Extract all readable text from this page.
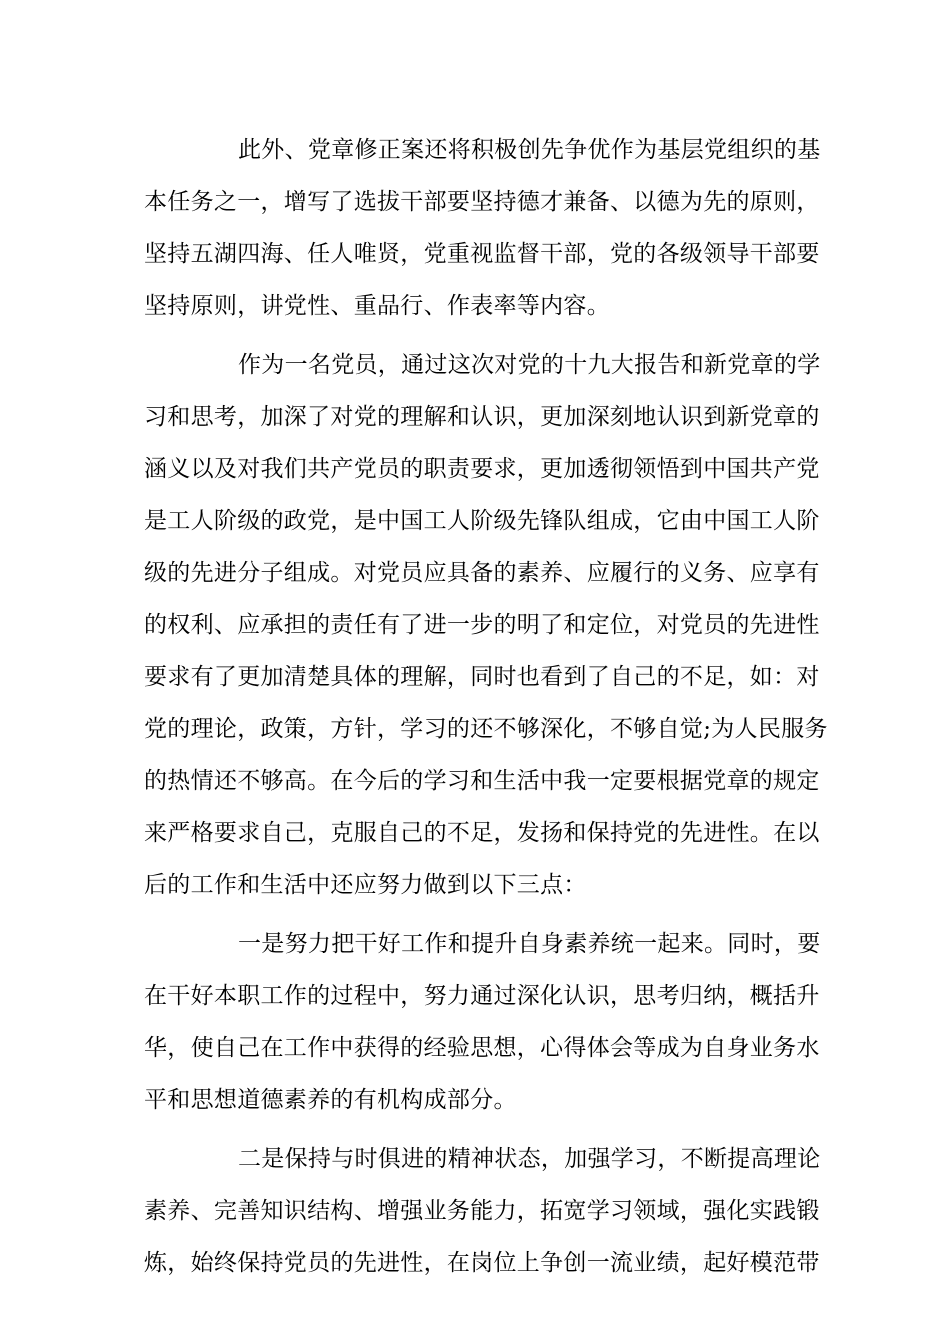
此外、党章修正案还将积极创先争优作为基层党组织的基
本任务之一，增写了选拔干部要坚持德才兼备、以德为先的原则，
坚持五湖四海、任人唯贤，党重视监督干部，党的各级领导干部要
坚持原则，讲党性、重品行、作表率等内容。
作为一名党员，通过这次对党的十九大报告和新党章的学
习和思考，加深了对党的理解和认识，更加深刻地认识到新党章的
涵义以及对我们共产党员的职责要求，更加透彻领悟到中国共产党
是工人阶级的政党，是中国工人阶级先锋队组成，它由中国工人阶
级的先进分子组成。对党员应具备的素养、应履行的义务、应享有
的权利、应承担的责任有了进一步的明了和定位，对党员的先进性
要求有了更加清楚具体的理解，同时也看到了自己的不足，如：对
党的理论，政策，方针，学习的还不够深化，不够自觉;为人民服务
的热情还不够高。在今后的学习和生活中我一定要根据党章的规定
来严格要求自己，克服自己的不足，发扬和保持党的先进性。在以
后的工作和生活中还应努力做到以下三点：
一是努力把干好工作和提升自身素养统一起来。同时，要
在干好本职工作的过程中，努力通过深化认识，思考归纳，概括升
华，使自己在工作中获得的经验思想，心得体会等成为自身业务水
平和思想道德素养的有机构成部分。
二是保持与时俱进的精神状态，加强学习，不断提高理论
素养、完善知识结构、增强业务能力，拓宽学习领域，强化实践锻
炼，始终保持党员的先进性，在岗位上争创一流业绩，起好模范带
